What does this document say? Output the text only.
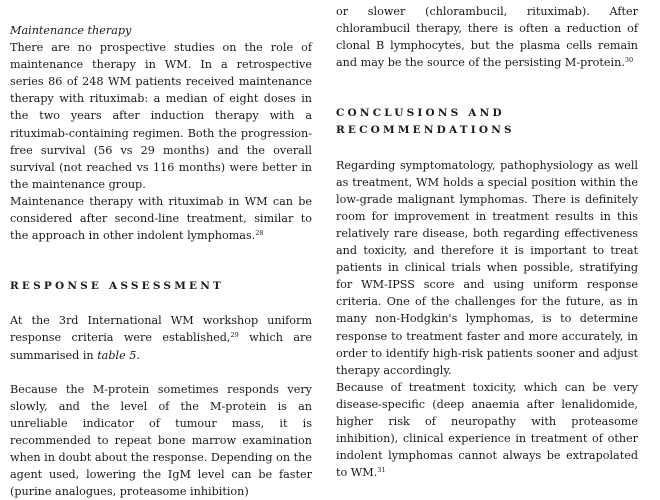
Maintenance therapy

There are no prospective studies on the role of maintenance therapy in WM. In a retrospective series 86 of 248 WM patients received maintenance therapy with rituximab: a median of eight doses in the two years after induction therapy with a rituximab-containing regimen. Both the progression-free survival (56 vs 29 months) and the overall survival (not reached vs 116 months) were better in the maintenance group.

Maintenance therapy with rituximab in WM can be considered after second-line treatment, similar to the approach in other indolent lymphomas.$^{28}$

RESPONSE ASSESSMENT

At the 3rd International WM workshop uniform response criteria were established,$^{29}$ which are summarised in table 5.

Because the M-protein sometimes responds very slowly, and the level of the M-protein is an unreliable indicator of tumour mass, it is recommended to repeat bone marrow examination when in doubt about the response. Depending on the agent used, lowering the IgM level can be faster (purine analogues, proteasome inhibition)

or slower (chlorambucil, rituximab). After chlorambucil therapy, there is often a reduction of clonal B lymphocytes, but the plasma cells remain and may be the source of the persisting M-protein.$^{30}$

CONCLUSIONS AND
RECOMMENDATIONS

Regarding symptomatology, pathophysiology as well as treatment, WM holds a special position within the low-grade malignant lymphomas. There is definitely room for improvement in treatment results in this relatively rare disease, both regarding effectiveness and toxicity, and therefore it is important to treat patients in clinical trials when possible, stratifying for WM-IPSS score and using uniform response criteria. One of the challenges for the future, as in many non-Hodgkin's lymphomas, is to determine response to treatment faster and more accurately, in order to identify high-risk patients sooner and adjust therapy accordingly.

Because of treatment toxicity, which can be very disease-specific (deep anaemia after lenalidomide, higher risk of neuropathy with proteasome inhibition), clinical experience in treatment of other indolent lymphomas cannot always be extrapolated to WM.$^{31}$
